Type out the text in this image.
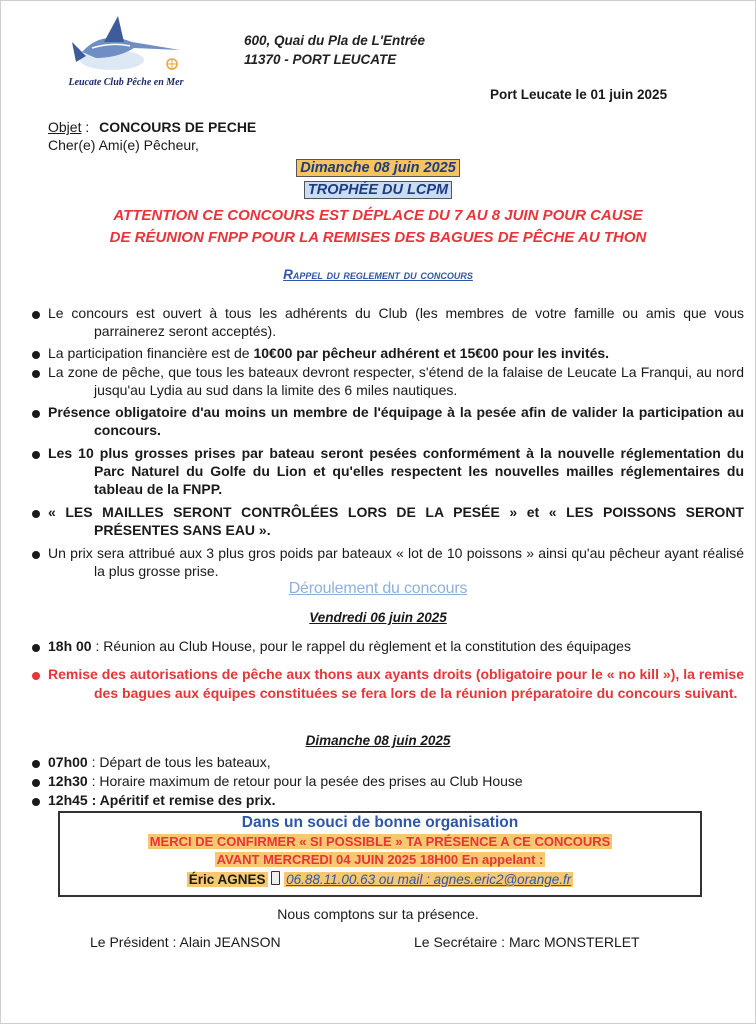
Leucate Club Pêche en Mer
600, Quai du Pla de L'Entrée
11370 - PORT LEUCATE
Port Leucate le 01 juin 2025
Objet : CONCOURS DE PECHE
Cher(e) Ami(e) Pêcheur,
Dimanche 08 juin 2025
TROPHÉE DU LCPM
ATTENTION CE CONCOURS EST DÉPLACE DU 7 AU 8 JUIN POUR CAUSE
DE RÉUNION FNPP POUR LA REMISES DES BAGUES DE PÊCHE AU THON
Rappel du reglement du concours
Le concours est ouvert à tous les adhérents du Club (les membres de votre famille ou amis que vous parrainerez seront acceptés).
La participation financière est de 10€00 par pêcheur adhérent et 15€00 pour les invités.
La zone de pêche, que tous les bateaux devront respecter, s'étend de la falaise de Leucate La Franqui, au nord jusqu'au Lydia au sud dans la limite des 6 miles nautiques.
Présence obligatoire d'au moins un membre de l'équipage à la pesée afin de valider la participation au concours.
Les 10 plus grosses prises par bateau seront pesées conformément à la nouvelle réglementation du Parc Naturel du Golfe du Lion et qu'elles respectent les nouvelles mailles réglementaires du tableau de la FNPP.
« LES MAILLES SERONT CONTRÔLÉES LORS DE LA PESÉE » et « LES POISSONS SERONT PRÉSENTES SANS EAU ».
Un prix sera attribué aux 3 plus gros poids par bateaux « lot de 10 poissons » ainsi qu'au pêcheur ayant réalisé la plus grosse prise.
Déroulement du concours
Vendredi 06 juin 2025
18h 00 : Réunion au Club House, pour le rappel du règlement et la constitution des équipages
Remise des autorisations de pêche aux thons aux ayants droits (obligatoire pour le « no kill »), la remise des bagues aux équipes constituées se fera lors de la réunion préparatoire du concours suivant.
Dimanche 08 juin 2025
07h00 : Départ de tous les bateaux,
12h30 : Horaire maximum de retour pour la pesée des prises au Club House
12h45 : Apéritif et remise des prix.
Dans un souci de bonne organisation
MERCI DE CONFIRMER « SI POSSIBLE » TA PRÉSENCE A CE CONCOURS
AVANT MERCREDI 04 JUIN 2025 18H00 En appelant :
Éric AGNES 06.88.11.00.63 ou mail : agnes.eric2@orange.fr
Nous comptons sur ta présence.
Le Président : Alain JEANSON	Le Secrétaire : Marc MONSTERLET
